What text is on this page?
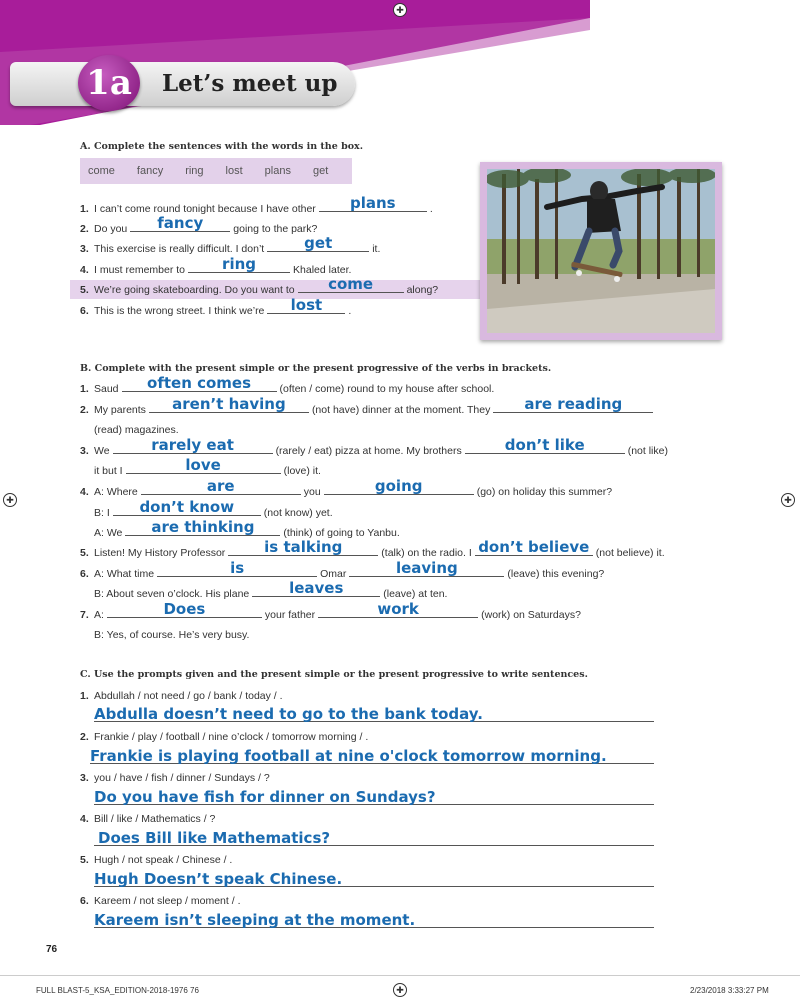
1a	Let’s meet up
✚
✚	✚
✚
A. Complete the sentences with the words in the box.
come fancy ring lost plans get
1. I can’t come round tonight because I have other	plans	.
2. Do you	fancy	going to the park?
3. This exercise is really difficult. I don’t	get	it.
4. I must remember to	ring	Khaled later.
5. We’re going skateboarding. Do you want to	come	along?
6. This is the wrong street. I think we’re	lost	.
B. Complete with the present simple or the present progressive of the verbs in brackets.
1. Saud	often comes	(often / come) round to my house after school.
2. My parents	aren’t having	(not have) dinner at the moment. They	are reading
(read) magazines.
3. We	rarely eat	(rarely / eat) pizza at home. My brothers	don’t like	(not like)
it but I	love	(love) it.
4. A: Where	are	you	going	(go) on holiday this summer?
B: I	don’t know	(not know) yet.
A: We	are thinking	(think) of going to Yanbu.
5. Listen! My History Professor	is talking	(talk) on the radio. I don’t believe (not believe) it.
6. A: What time	is	Omar	leaving	(leave) this evening?
B: About seven o’clock. His plane	leaves	(leave) at ten.
7. A:	Does	your father	work	(work) on Saturdays?
B: Yes, of course. He’s very busy.
C. Use the prompts given and the present simple or the present progressive to write sentences.
1. Abdullah / not need / go / bank / today / .
Abdulla doesn’t need to go to the bank today.
2. Frankie / play / football / nine o’clock / tomorrow morning / .
Frankie is playing football at nine o'clock tomorrow morning.
3. you / have / fish / dinner / Sundays / ?
Do you have fish for dinner on Sundays?
4. Bill / like / Mathematics / ?
Does Bill like Mathematics?
5. Hugh / not speak / Chinese / .
Hugh Doesn’t speak Chinese.
6. Kareem / not sleep / moment / .
Kareem isn’t sleeping at the moment.
76
FULL BLAST-5_KSA_EDITION-2018-1976 76	2/23/2018 3:33:27 PM
